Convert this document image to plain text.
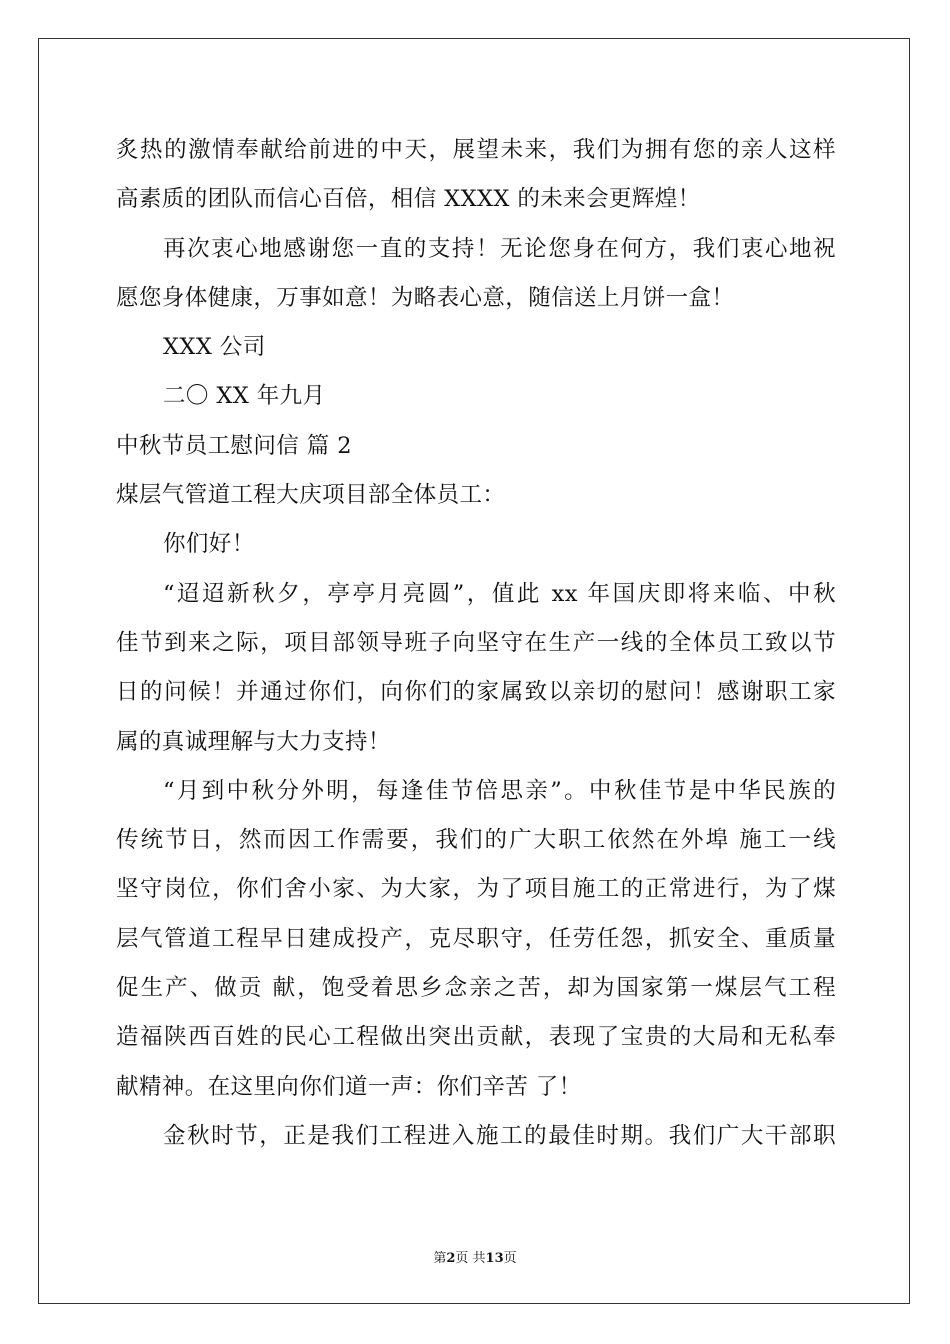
炙热的激情奉献给前进的中天，展望未来，我们为拥有您的亲人这样
高素质的团队而信心百倍，相信 XXXX 的未来会更辉煌！
再次衷心地感谢您一直的支持！无论您身在何方，我们衷心地祝
愿您身体健康，万事如意！为略表心意，随信送上月饼一盒！
XXX 公司
二〇 XX 年九月
中秋节员工慰问信 篇 2
煤层气管道工程大庆项目部全体员工：
你们好！
“迢迢新秋夕，亭亭月亮圆”，值此 xx 年国庆即将来临、中秋
佳节到来之际，项目部领导班子向坚守在生产一线的全体员工致以节
日的问候！并通过你们，向你们的家属致以亲切的慰问！感谢职工家
属的真诚理解与大力支持！
“月到中秋分外明，每逢佳节倍思亲”。中秋佳节是中华民族的
传统节日，然而因工作需要，我们的广大职工依然在外埠 施工一线
坚守岗位，你们舍小家、为大家，为了项目施工的正常进行，为了煤
层气管道工程早日建成投产，克尽职守，任劳任怨，抓安全、重质量
促生产、做贡 献，饱受着思乡念亲之苦，却为国家第一煤层气工程
造福陕西百姓的民心工程做出突出贡献，表现了宝贵的大局和无私奉
献精神。在这里向你们道一声：你们辛苦 了！
金秋时节，正是我们工程进入施工的最佳时期。我们广大干部职
第2页 共13页
